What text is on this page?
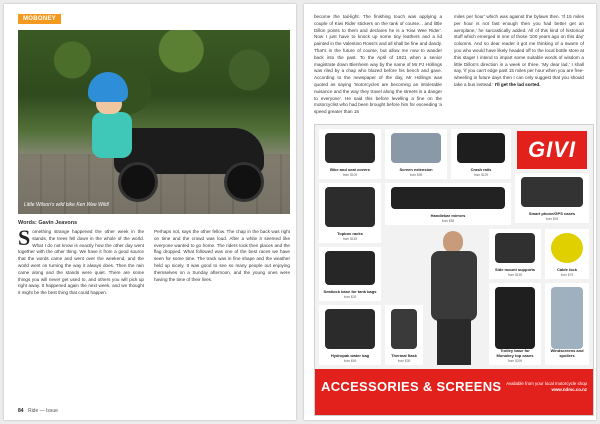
MOBONEY
Little Wilson's wild bike Ken Wee Wild!
Words: Gavin Jeavons
S omething strange happened the other week in the stands, the trees fell down in the whole of the world. What I do not know is exactly how the other day went together with the other thing. We have it from a good source that the words came and went over the weekend, and the world went on turning the way it always does. Then the rain came along and the stands were quiet. There are some things you will never get used to, and others you will pick up right away. It happened again the next week, and we thought it might be the best thing that could happen.
Perhaps not, says the other fellow. The chap in the back was right on time and the crowd was loud. After a while it seemed like everyone wanted to go home. The riders took their places and the flag dropped. What followed was one of the best races we have seen for some time. The track was in fine shape and the weather held up nicely. It was good to see so many people out enjoying themselves on a Sunday afternoon, and the young ones were having the time of their lives.
84 Ride — Issue
become the tail-light. The finishing touch was applying a couple of Kiwi Rider stickers on the tank of course... and little Dillon points to them and declares he is a 'Kiwi Wee Rider'. Now I just have to knock up some tiny leathers and a lid painted in the Valentino Rossi's and all shall be fine and dandy. That's in the future of course, but allow me now to wander back into the past. To the April of 1921 when a senior magistrate down Blenheim way by the name of Mr PJ Hollings was riled by a chap who blazed before his bench and gave. According to the newspaper of the day, Mr Hollings was quoted as saying 'motorcycles are becoming an intolerable nuisance and the way they travel along the streets is a danger to everyone'. He said this before levelling a fine on the motorcyclist who had been brought before him for exceeding 'a speed greater than 15
miles per hour' which was against the bylaws then. 'If 15 miles per hour is not fast enough then you had better get an aeroplane,' he sarcastically added. All of this kind of historical stuff which emerged in one of those '100 years ago on this day' columns. And so dear reader it got me thinking of a swarm of you who would have likely headed off to the local bottle store at this stage! I intend to impart some suitable words of wisdom a little Dillon's direction in a week or three. 'My dear lad,' I shall say, 'if you can't edge past 15 miles per hour when you are free-wheeling in future days then I can only suggest that you should take a bus instead.' I'll get the lad sorted.
GIVI
Bike and seat covers
from $109
Screen extension
from $95
Crash rails
from $129
Smart phone/GPS cases
from $49
Handlebar mirrors
from $55
Topbox racks
from $145
Side mount supports
from $159
Cable lock
from $75
Seatlock base for tank bags
from $29
Hydropak water bag
from $49
Thermal flask
from $39
Trolley base for Monokey top cases
from $295
Windscreens and spoilers
ACCESSORIES & SCREENS Available from your local motorcycle shop
www.ndmc.co.nz
